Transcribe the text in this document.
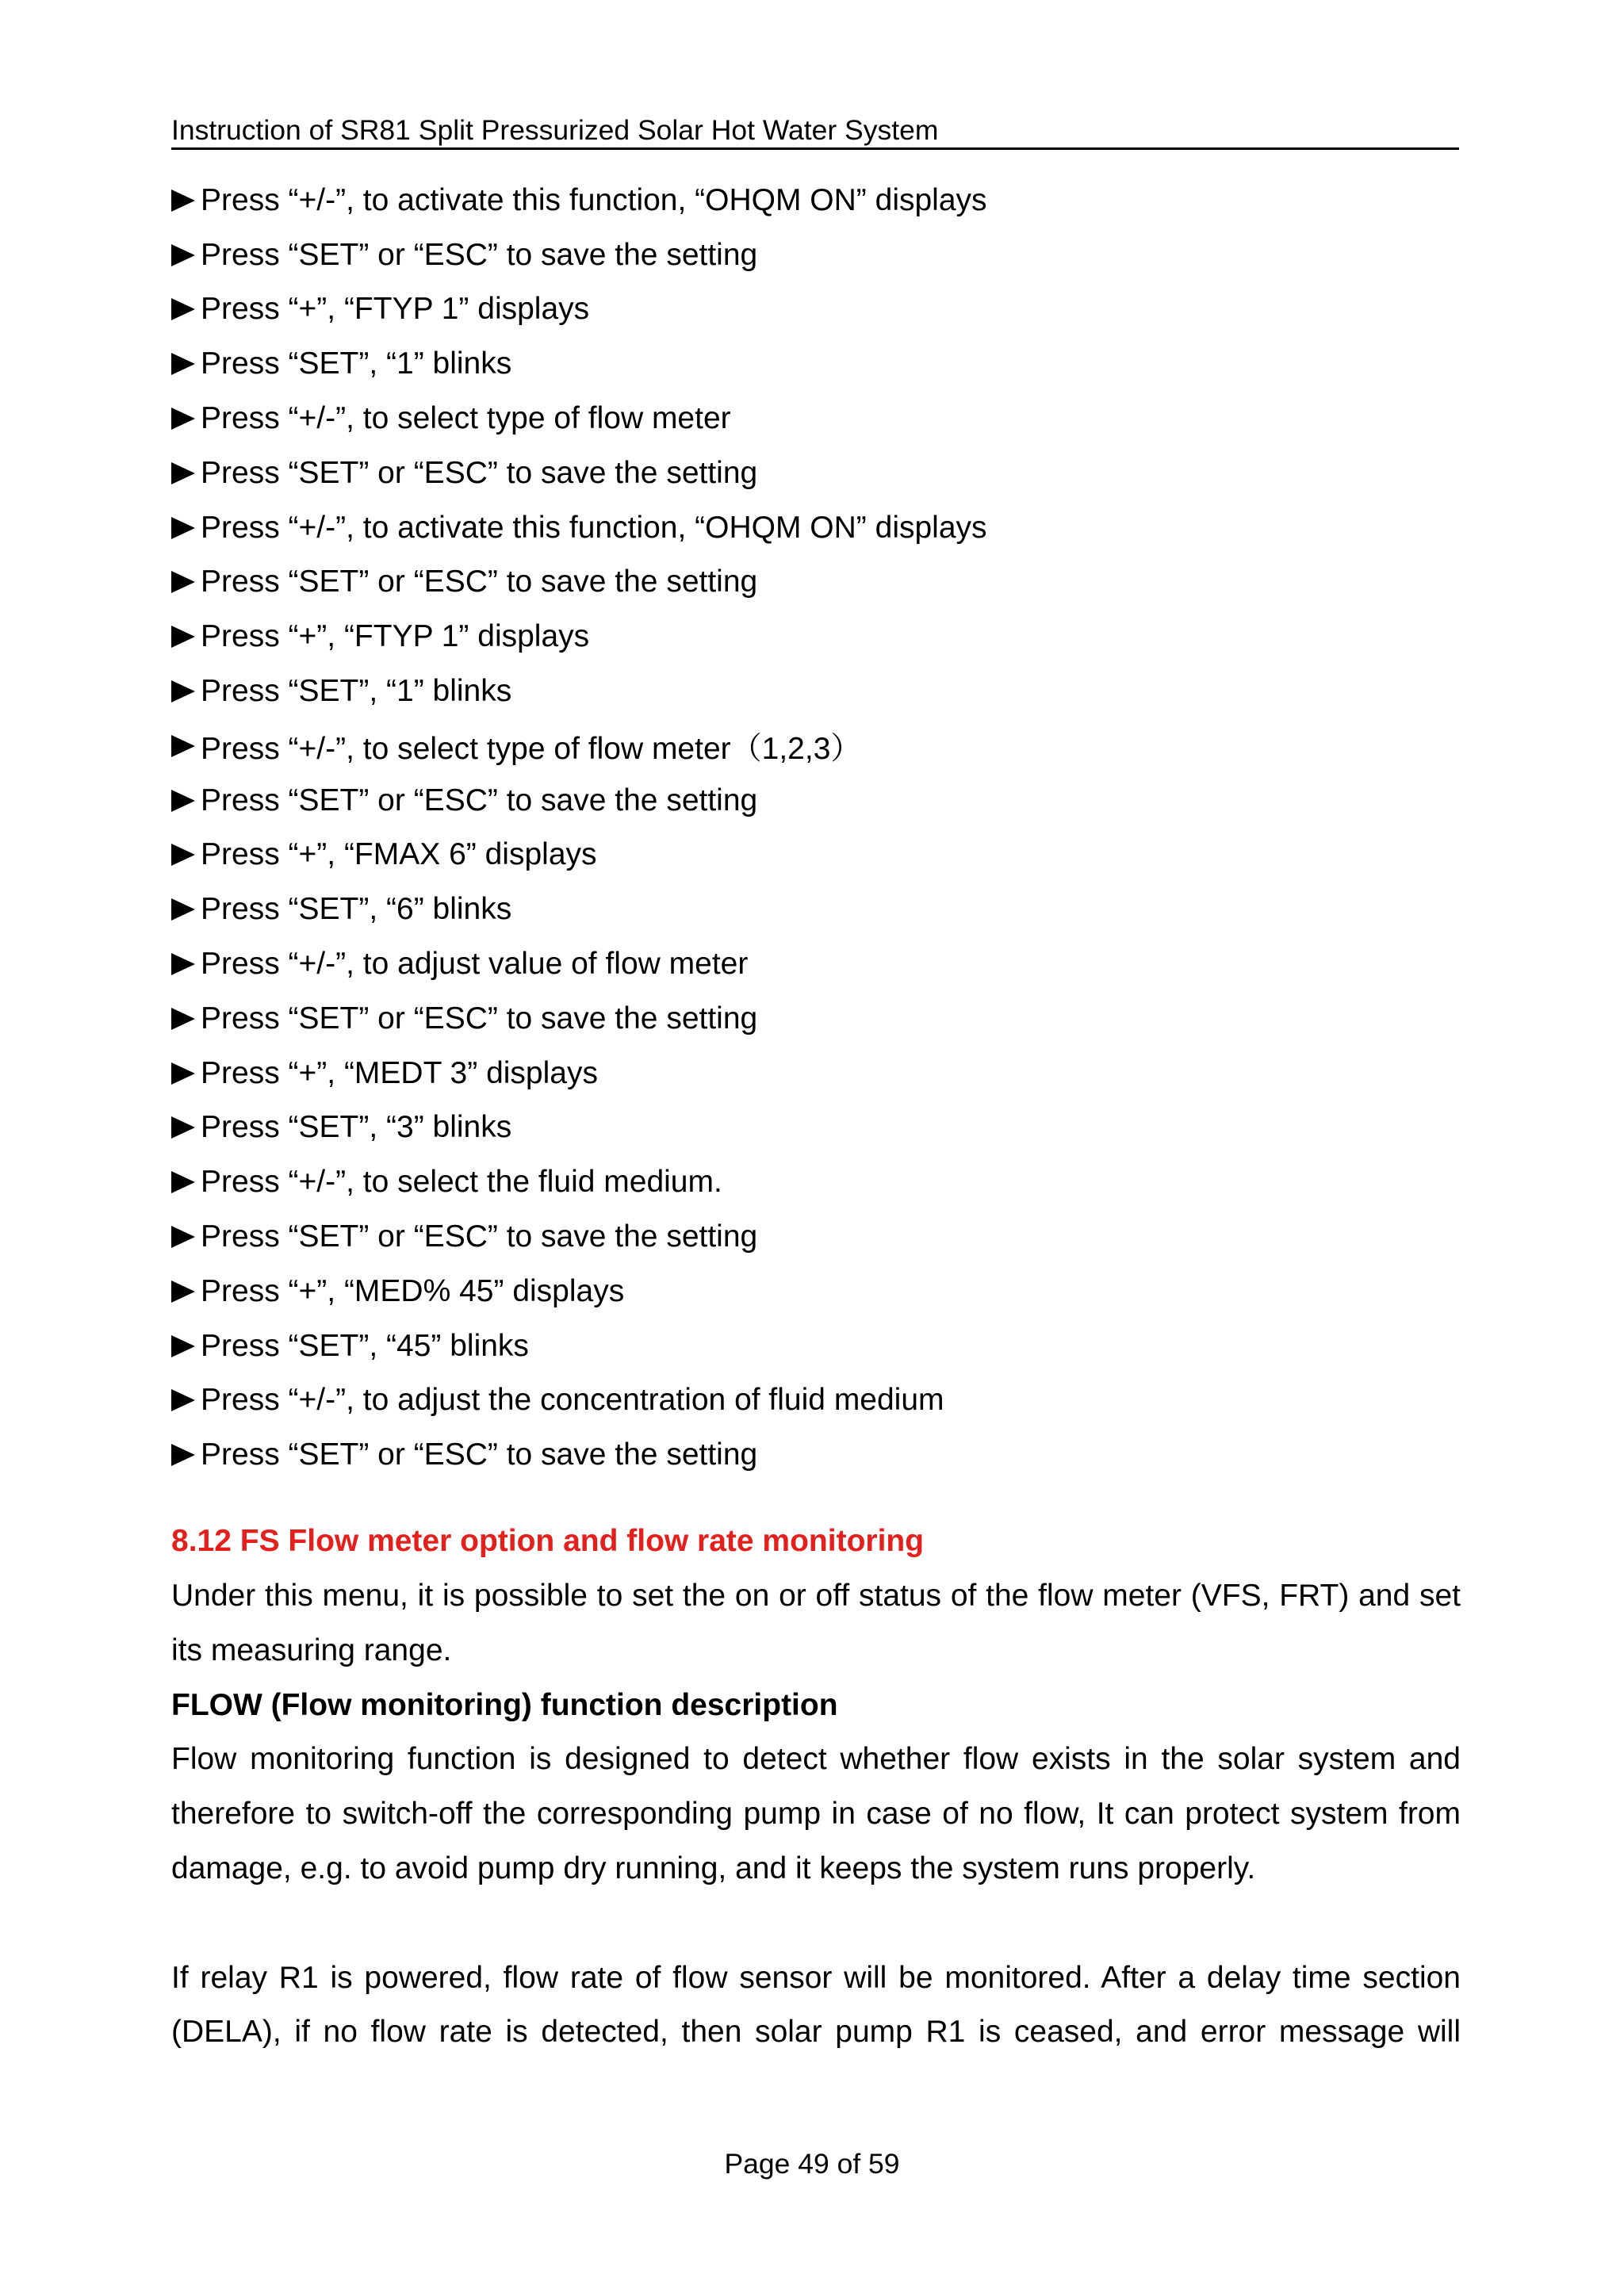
Instruction of SR81 Split Pressurized Solar Hot Water System
Press “+/-”, to activate this function, “OHQM ON” displays
Press “SET” or “ESC” to save the setting
Press “+”, “FTYP 1” displays
Press “SET”, “1” blinks
Press “+/-”, to select type of flow meter
Press “SET” or “ESC” to save the setting
Press “+/-”, to activate this function, “OHQM ON” displays
Press “SET” or “ESC” to save the setting
Press “+”, “FTYP 1” displays
Press “SET”, “1” blinks
Press “+/-”, to select type of flow meter（1,2,3）
Press “SET” or “ESC” to save the setting
Press “+”, “FMAX 6” displays
Press “SET”, “6” blinks
Press “+/-”, to adjust value of flow meter
Press “SET” or “ESC” to save the setting
Press “+”, “MEDT 3” displays
Press “SET”, “3” blinks
Press “+/-”, to select the fluid medium.
Press “SET” or “ESC” to save the setting
Press “+”, “MED% 45” displays
Press “SET”, “45” blinks
Press “+/-”, to adjust the concentration of fluid medium
Press “SET” or “ESC” to save the setting
8.12 FS Flow meter option and flow rate monitoring
Under this menu, it is possible to set the on or off status of the flow meter (VFS, FRT) and set
its measuring range.
FLOW (Flow monitoring) function description
Flow monitoring function is designed to detect whether flow exists in the solar system and
therefore to switch-off the corresponding pump in case of no flow, It can protect system from
damage, e.g. to avoid pump dry running, and it keeps the system runs properly.
If relay R1 is powered, flow rate of flow sensor will be monitored. After a delay time section
(DELA), if no flow rate is detected, then solar pump R1 is ceased, and error message will
Page 49 of 59
